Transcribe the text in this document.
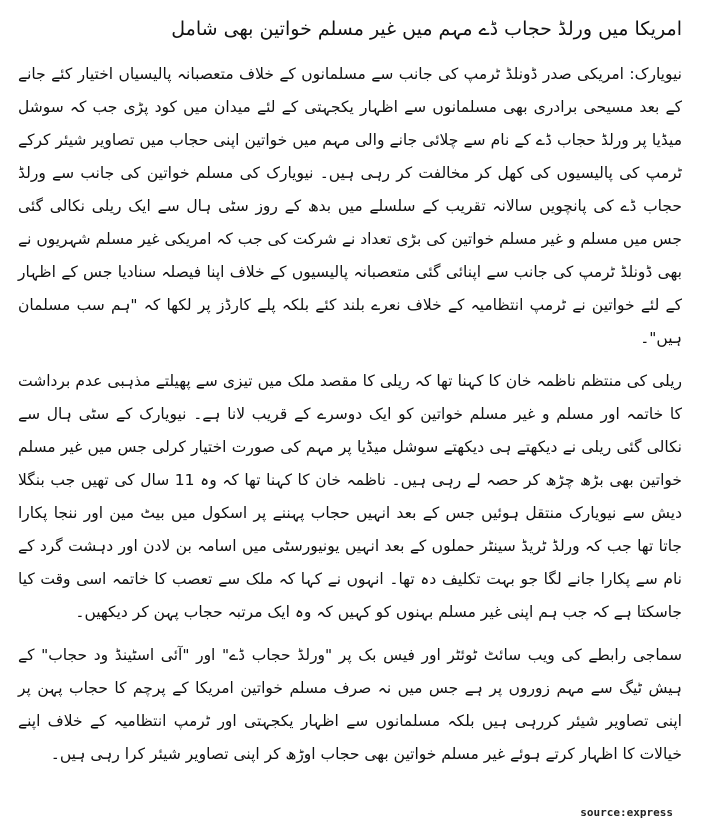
امریکا میں ورلڈ حجاب ڈے مہم میں غیر مسلم خواتین بھی شامل

نیویارک: امریکی صدر ڈونلڈ ٹرمپ کی جانب سے مسلمانوں کے خلاف متعصبانہ پالیسیاں اختیار کئے جانے کے بعد مسیحی برادری بھی مسلمانوں سے اظہار یکجہتی کے لئے میدان میں کود پڑی جب کہ سوشل میڈیا پر ورلڈ حجاب ڈے کے نام سے چلائی جانے والی مہم میں خواتین اپنی حجاب میں تصاویر شیئر کرکے ٹرمپ کی پالیسیوں کی کھل کر مخالفت کر رہی ہیں۔ نیویارک کی مسلم خواتین کی جانب سے ورلڈ حجاب ڈے کی پانچویں سالانہ تقریب کے سلسلے میں بدھ کے روز سٹی ہال سے ایک ریلی نکالی گئی جس میں مسلم و غیر مسلم خواتین کی بڑی تعداد نے شرکت کی جب کہ امریکی غیر مسلم شہریوں نے بھی ڈونلڈ ٹرمپ کی جانب سے اپنائی گئی متعصبانہ پالیسیوں کے خلاف اپنا فیصلہ سنادیا جس کے اظہار کے لئے خواتین نے ٹرمپ انتظامیہ کے خلاف نعرے بلند کئے بلکہ پلے کارڈز پر لکھا کہ "ہم سب مسلمان ہیں"۔

ریلی کی منتظم ناظمہ خان کا کہنا تھا کہ ریلی کا مقصد ملک میں تیزی سے پھیلتے مذہبی عدم برداشت کا خاتمہ اور مسلم و غیر مسلم خواتین کو ایک دوسرے کے قریب لانا ہے۔ نیویارک کے سٹی ہال سے نکالی گئی ریلی نے دیکھتے ہی دیکھتے سوشل میڈیا پر مہم کی صورت اختیار کرلی جس میں غیر مسلم خواتین بھی بڑھ چڑھ کر حصہ لے رہی ہیں۔ ناظمہ خان کا کہنا تھا کہ وہ 11 سال کی تھیں جب بنگلا دیش سے نیویارک منتقل ہوئیں جس کے بعد انہیں حجاب پہننے پر اسکول میں بیٹ مین اور ننجا پکارا جاتا تھا جب کہ ورلڈ ٹریڈ سینٹر حملوں کے بعد انہیں یونیورسٹی میں اسامہ بن لادن اور دہشت گرد کے نام سے پکارا جانے لگا جو بہت تکلیف دہ تھا۔ انہوں نے کہا کہ ملک سے تعصب کا خاتمہ اسی وقت کیا جاسکتا ہے کہ جب ہم اپنی غیر مسلم بہنوں کو کہیں کہ وہ ایک مرتبہ حجاب پہن کر دیکھیں۔

سماجی رابطے کی ویب سائٹ ٹوئٹر اور فیس بک پر "ورلڈ حجاب ڈے" اور "آئی اسٹینڈ ود حجاب" کے ہیش ٹیگ سے مہم زوروں پر ہے جس میں نہ صرف مسلم خواتین امریکا کے پرچم کا حجاب پہن پر اپنی تصاویر شیئر کررہی ہیں بلکہ مسلمانوں سے اظہار یکجہتی اور ٹرمپ انتظامیہ کے خلاف اپنے خیالات کا اظہار کرتے ہوئے غیر مسلم خواتین بھی حجاب اوڑھ کر اپنی تصاویر شیئر کرا رہی ہیں۔

source:express
